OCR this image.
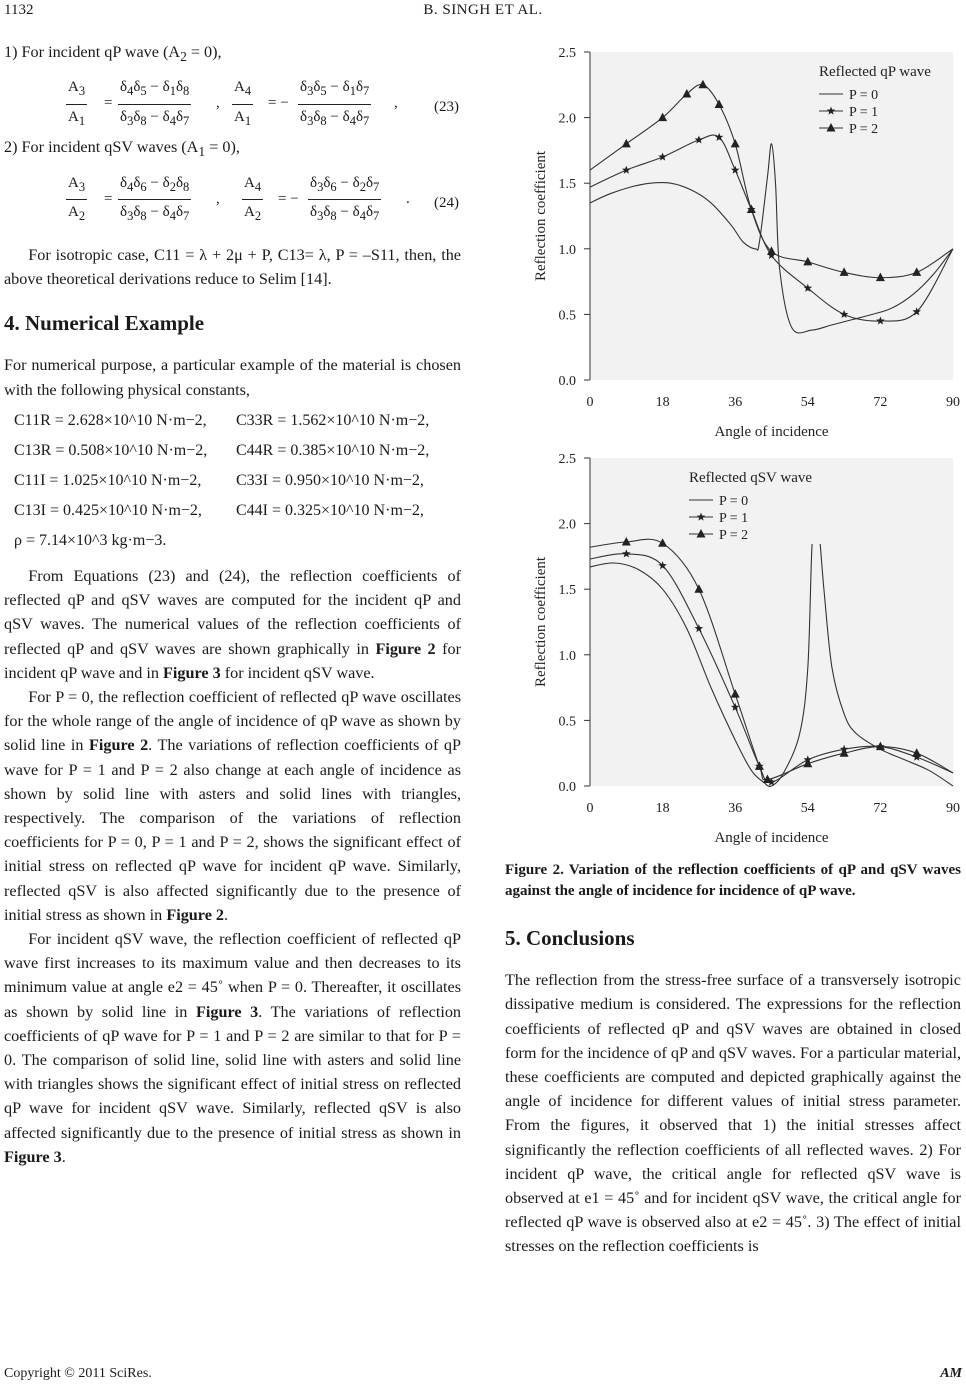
1132	B. SINGH ET AL.

1) For incident qP wave $(A_2 = 0)$,

$\frac{A_3}{A_1} = \frac{\delta_4\delta_5 - \delta_1\delta_8}{\delta_3\delta_8 - \delta_4\delta_7}$ , $\frac{A_4}{A_1}$ = − $\frac{\delta_3\delta_5 - \delta_1\delta_7}{\delta_3\delta_8 - \delta_4\delta_7}$ , (23)

2) For incident qSV waves $(A_1 = 0)$,

$\frac{A_3}{A_2} = \frac{\delta_4\delta_6 - \delta_2\delta_8}{\delta_3\delta_8 - \delta_4\delta_7}$ , $\frac{A_4}{A_2}$ = − $\frac{\delta_3\delta_6 - \delta_2\delta_7}{\delta_3\delta_8 - \delta_4\delta_7}$ . (24)

For isotropic case, C11 = λ + 2μ + P, C13= λ, P = –S11, then, the above theoretical derivations reduce to Selim [14].

4. Numerical Example

For numerical purpose, a particular example of the material is chosen with the following physical constants,

C11R = 2.628×10^10 N·m−2, C33R = 1.562×10^10 N·m−2,
C13R = 0.508×10^10 N·m−2, C44R = 0.385×10^10 N·m−2,
C11I = 1.025×10^10 N·m−2, C33I = 0.950×10^10 N·m−2,
C13I = 0.425×10^10 N·m−2, C44I = 0.325×10^10 N·m−2,
ρ = 7.14×10^3 kg·m−3.

From Equations (23) and (24), the reflection coefficients of reflected qP and qSV waves are computed for the incident qP and qSV waves. The numerical values of the reflection coefficients of reflected qP and qSV waves are shown graphically in Figure 2 for incident qP wave and in Figure 3 for incident qSV wave.

For P = 0, the reflection coefficient of reflected qP wave oscillates for the whole range of the angle of incidence of qP wave as shown by solid line in Figure 2. The variations of reflection coefficients of qP wave for P = 1 and P = 2 also change at each angle of incidence as shown by solid line with asters and solid lines with triangles, respectively. The comparison of the variations of reflection coefficients for P = 0, P = 1 and P = 2, shows the significant effect of initial stress on reflected qP wave for incident qP wave. Similarly, reflected qSV is also affected significantly due to the presence of initial stress as shown in Figure 2.

For incident qSV wave, the reflection coefficient of reflected qP wave first increases to its maximum value and then decreases to its minimum value at angle e2 = 45˚ when P = 0. Thereafter, it oscillates as shown by solid line in Figure 3. The variations of reflection coefficients of qP wave for P = 1 and P = 2 are similar to that for P = 0. The comparison of solid line, solid line with asters and solid line with triangles shows the significant effect of initial stress on reflected qP wave for incident qSV wave. Similarly, reflected qSV is also affected significantly due to the presence of initial stress as shown in Figure 3.

0.0
0.5
1.0
1.5
2.0
2.5
0	18	36	54	72	90
Angle of incidence
Reflection coefficient
Reflected qP wave
P = 0
P = 1
P = 2
0.0
0.5
1.0
1.5
2.0
2.5
0	18	36	54	72	90
Angle of incidence
Reflection coefficient
Reflected qSV wave
P = 0
P = 1
P = 2
Figure 2. Variation of the reflection coefficients of qP and qSV waves against the angle of incidence for incidence of qP wave.
5. Conclusions

The reflection from the stress-free surface of a transversely isotropic dissipative medium is considered. The expressions for the reflection coefficients of reflected qP and qSV waves are obtained in closed form for the incidence of qP and qSV waves. For a particular material, these coefficients are computed and depicted graphically against the angle of incidence for different values of initial stress parameter. From the figures, it observed that 1) the initial stresses affect significantly the reflection coefficients of all reflected waves. 2) For incident qP wave, the critical angle for reflected qSV wave is observed at e1 = 45˚ and for incident qSV wave, the critical angle for reflected qP wave is observed also at e2 = 45˚. 3) The effect of initial stresses on the reflection coefficients is

Copyright © 2011 SciRes.	AM
